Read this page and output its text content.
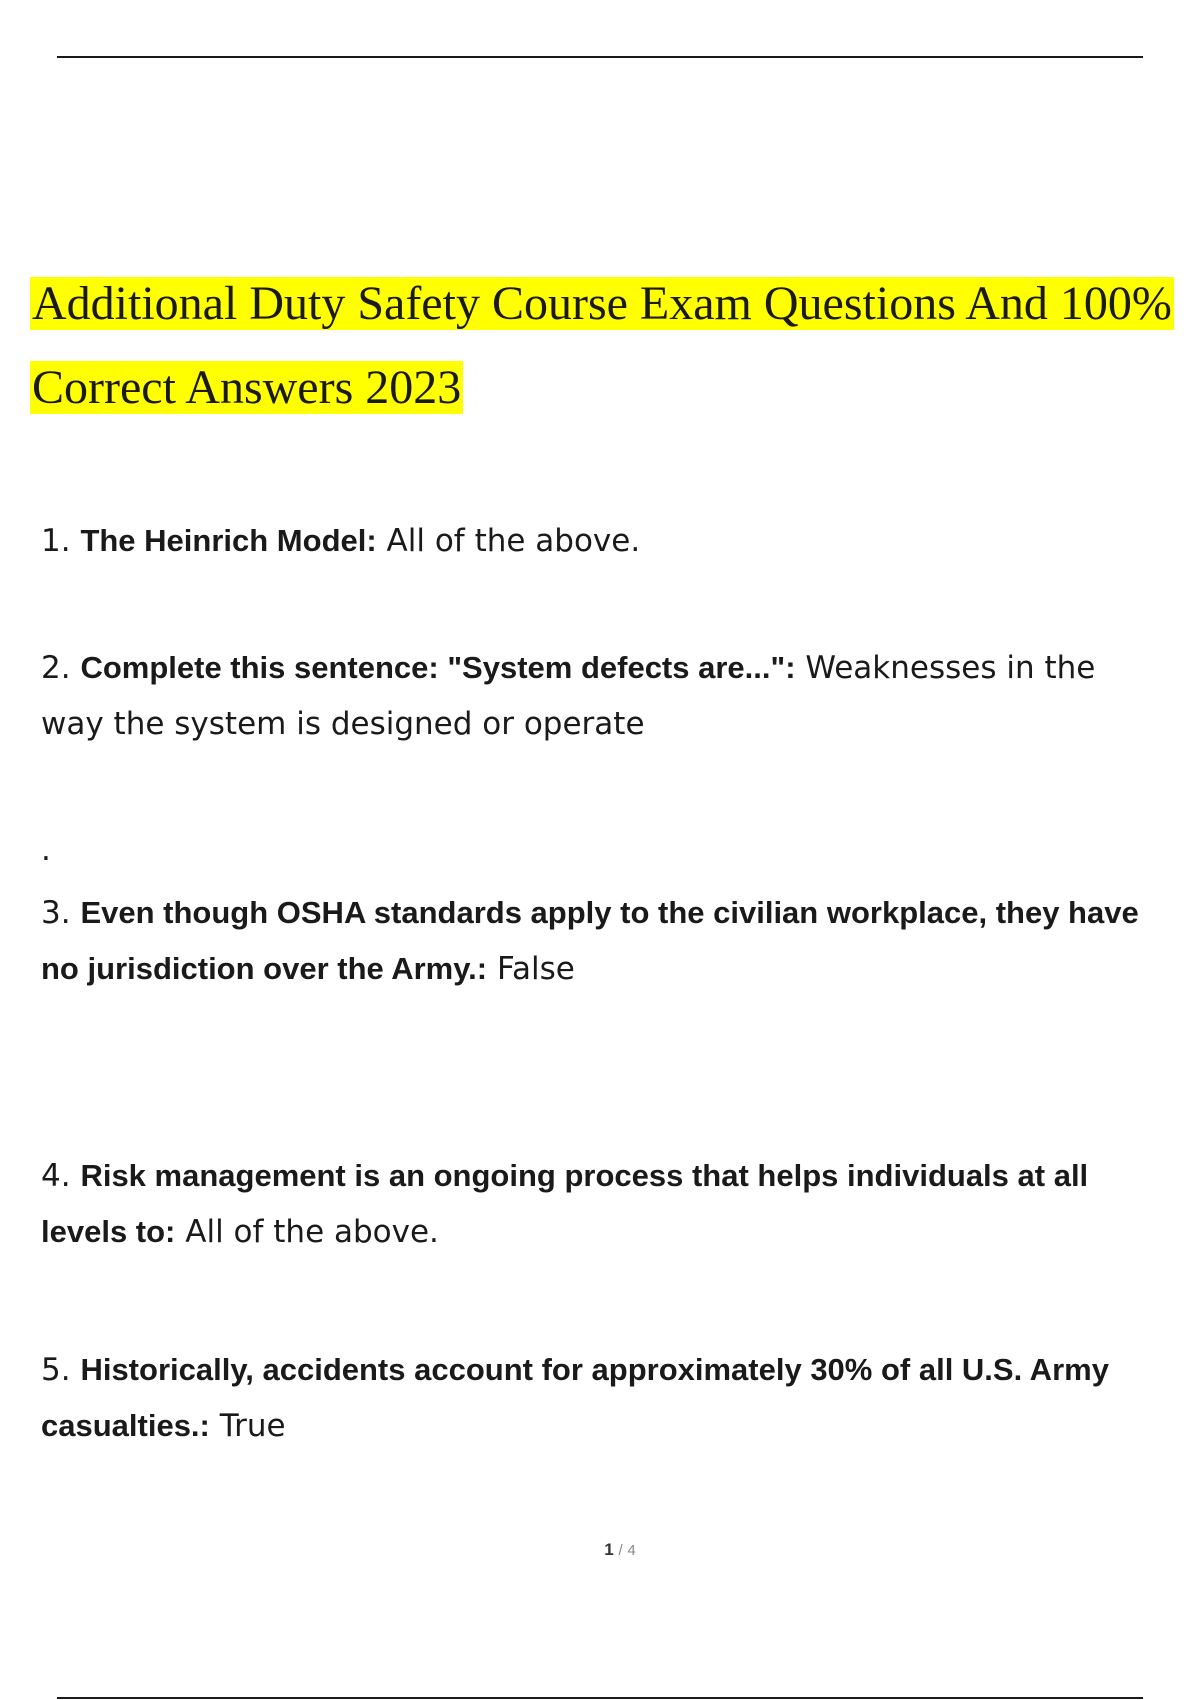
Additional Duty Safety Course Exam Questions And 100%
Correct Answers 2023

1. The Heinrich Model: All of the above.

2. Complete this sentence: "System defects are...": Weaknesses in the way the system is designed or operate

.

3. Even though OSHA standards apply to the civilian workplace, they have no jurisdiction over the Army.: False

4. Risk management is an ongoing process that helps individuals at all levels to: All of the above.

5. Historically, accidents account for approximately 30% of all U.S. Army casualties.: True

1 / 4
